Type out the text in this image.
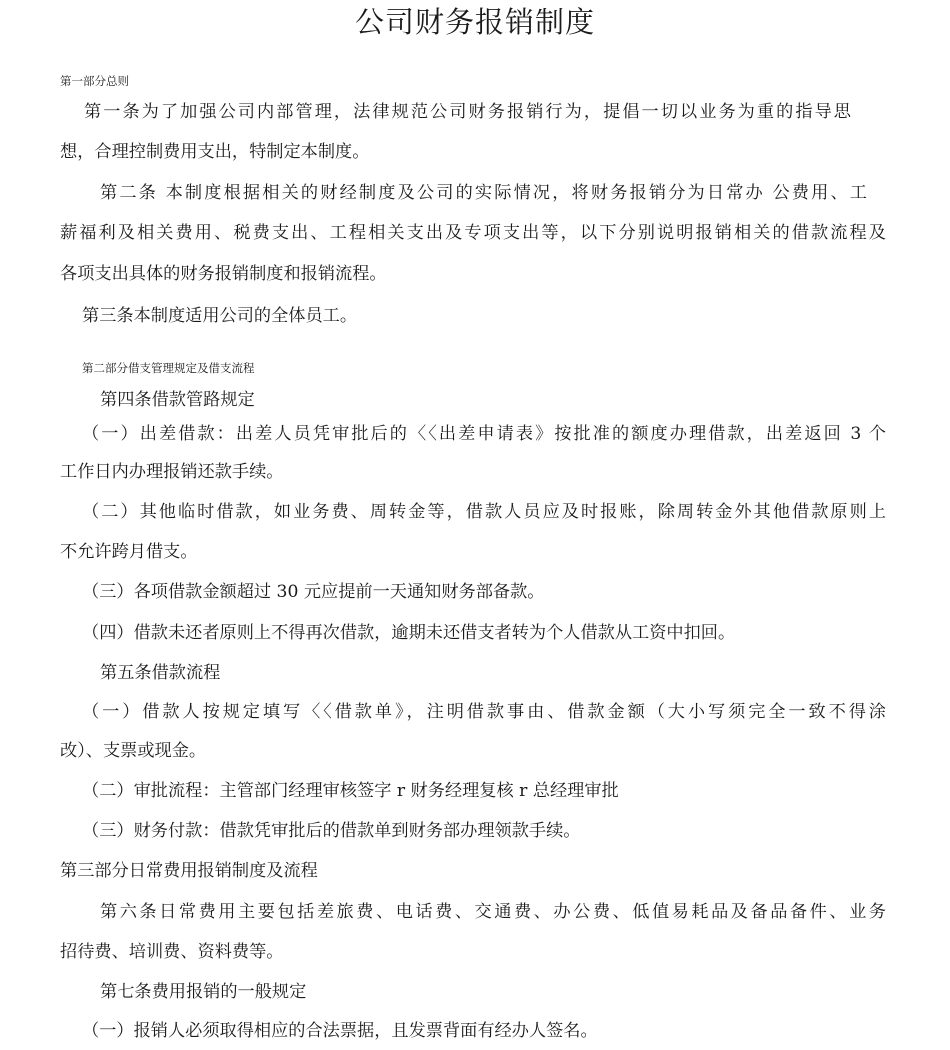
公司财务报销制度
第一部分总则
第一条为了加强公司内部管理，法律规范公司财务报销行为，提倡一切以业务为重的指导思
想，合理控制费用支出，特制定本制度。
第二条 本制度根据相关的财经制度及公司的实际情况，将财务报销分为日常办 公费用、工
薪福利及相关费用、税费支出、工程相关支出及专项支出等，以下分别说明报销相关的借款流程及
各项支出具体的财务报销制度和报销流程。
第三条本制度适用公司的全体员工。
第二部分借支管理规定及借支流程
第四条借款管路规定
（一）出差借款：出差人员凭审批后的〈〈出差申请表》按批准的额度办理借款，出差返回 3 个
工作日内办理报销还款手续。
（二）其他临时借款，如业务费、周转金等，借款人员应及时报账，除周转金外其他借款原则上
不允许跨月借支。
（三）各项借款金额超过 30 元应提前一天通知财务部备款。
（四）借款未还者原则上不得再次借款，逾期未还借支者转为个人借款从工资中扣回。
第五条借款流程
（一）借款人按规定填写〈〈借款单》，注明借款事由、借款金额（大小写须完全一致不得涂
改）、支票或现金。
（二）审批流程：主管部门经理审核签字 r 财务经理复核 r 总经理审批
（三）财务付款：借款凭审批后的借款单到财务部办理领款手续。
第三部分日常费用报销制度及流程
第六条日常费用主要包括差旅费、电话费、交通费、办公费、低值易耗品及备品备件、业务
招待费、培训费、资料费等。
第七条费用报销的一般规定
（一）报销人必须取得相应的合法票据，且发票背面有经办人签名。
